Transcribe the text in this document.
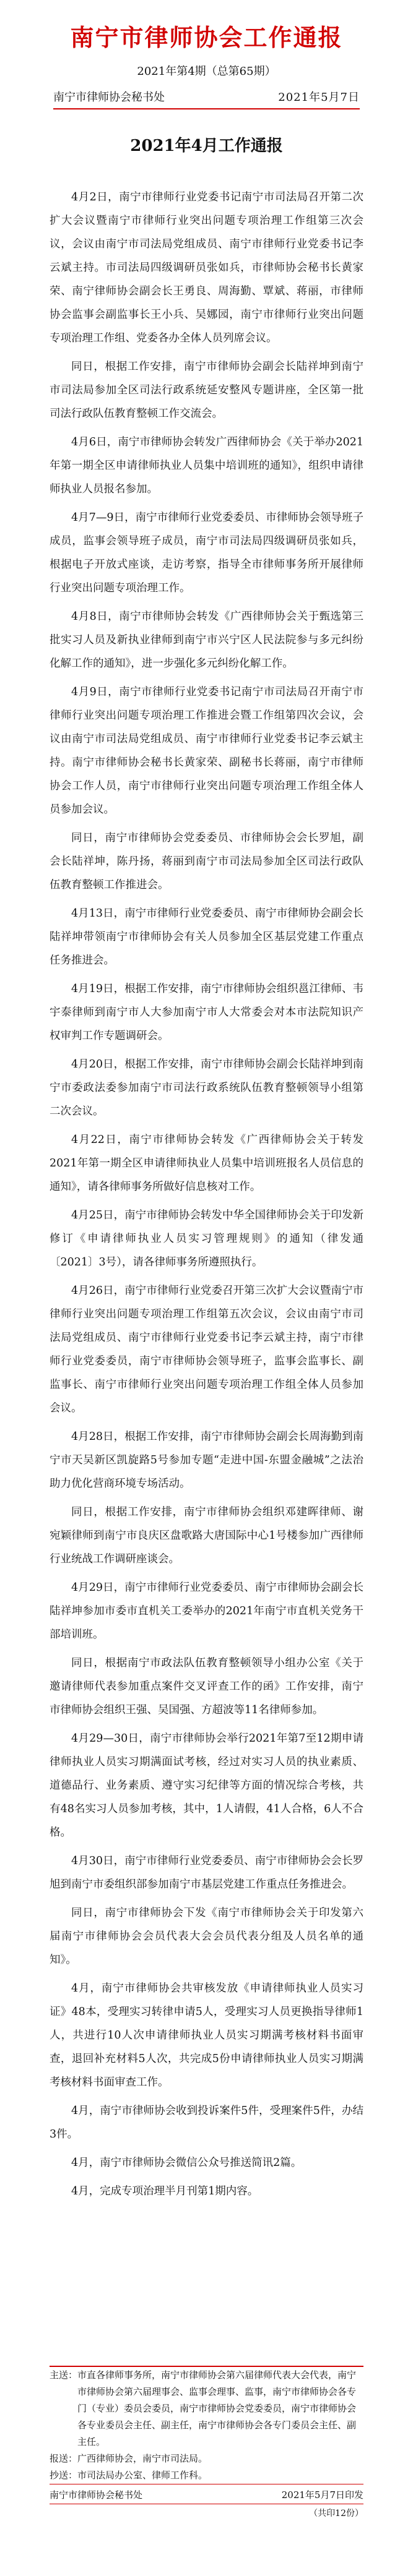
南宁市律师协会工作通报
2021年第4期（总第65期）
南宁市律师协会秘书处	2021年5月7日
2021年4月工作通报

4月2日，南宁市律师行业党委书记南宁市司法局召开第二次扩大会议暨南宁市律师行业突出问题专项治理工作组第三次会议，会议由南宁市司法局党组成员、南宁市律师行业党委书记李云斌主持。市司法局四级调研员张如兵，市律师协会秘书长黄家荣、南宁律师协会副会长王勇良、周海勤、覃斌、蒋丽，市律师协会监事会副监事长王小兵、吴娜园，南宁市律师行业突出问题专项治理工作组、党委各办全体人员列席会议。

同日，根据工作安排，南宁市律师协会副会长陆祥坤到南宁市司法局参加全区司法行政系统延安整风专题讲座，全区第一批司法行政队伍教育整顿工作交流会。

4月6日，南宁市律师协会转发广西律师协会《关于举办2021年第一期全区申请律师执业人员集中培训班的通知》，组织申请律师执业人员报名参加。

4月7—9日，南宁市律师行业党委委员、市律师协会领导班子成员，监事会领导班子成员，南宁市司法局四级调研员张如兵，根据电子开放式座谈，走访考察，指导全市律师事务所开展律师行业突出问题专项治理工作。

4月8日，南宁市律师协会转发《广西律师协会关于甄选第三批实习人员及新执业律师到南宁市兴宁区人民法院参与多元纠纷化解工作的通知》，进一步强化多元纠纷化解工作。

4月9日，南宁市律师行业党委书记南宁市司法局召开南宁市律师行业突出问题专项治理工作推进会暨工作组第四次会议，会议由南宁市司法局党组成员、南宁市律师行业党委书记李云斌主持。南宁市律师协会秘书长黄家荣、副秘书长蒋丽，南宁市律师协会工作人员，南宁市律师行业突出问题专项治理工作组全体人员参加会议。

同日，南宁市律师协会党委委员、市律师协会会长罗旭，副会长陆祥坤，陈丹扬，蒋丽到南宁市司法局参加全区司法行政队伍教育整顿工作推进会。

4月13日，南宁市律师行业党委委员、南宁市律师协会副会长陆祥坤带领南宁市律师协会有关人员参加全区基层党建工作重点任务推进会。

4月19日，根据工作安排，南宁市律师协会组织邕江律师、韦宇泰律师到南宁市人大参加南宁市人大常委会对本市法院知识产权审判工作专题调研会。

4月20日，根据工作安排，南宁市律师协会副会长陆祥坤到南宁市委政法委参加南宁市司法行政系统队伍教育整顿领导小组第二次会议。

4月22日，南宁市律师协会转发《广西律师协会关于转发2021年第一期全区申请律师执业人员集中培训班报名人员信息的通知》，请各律师事务所做好信息核对工作。

4月25日，南宁市律师协会转发中华全国律师协会关于印发新修订《申请律师执业人员实习管理规则》的通知（律发通〔2021〕3号），请各律师事务所遵照执行。

4月26日，南宁市律师行业党委召开第三次扩大会议暨南宁市律师行业突出问题专项治理工作组第五次会议，会议由南宁市司法局党组成员、南宁市律师行业党委书记李云斌主持，南宁市律师行业党委委员，南宁市律师协会领导班子，监事会监事长、副监事长、南宁市律师行业突出问题专项治理工作组全体人员参加会议。

4月28日，根据工作安排，南宁市律师协会副会长周海勤到南宁市天吴新区凯旋路5号参加专题“走进中国-东盟金融城”之法治助力优化营商环境专场活动。

同日，根据工作安排，南宁市律师协会组织邓建晖律师、谢宛颖律师到南宁市良庆区盘歌路大唐国际中心1号楼参加广西律师行业统战工作调研座谈会。

4月29日，南宁市律师行业党委委员、南宁市律师协会副会长陆祥坤参加市委市直机关工委举办的2021年南宁市直机关党务干部培训班。

同日，根据南宁市政法队伍教育整顿领导小组办公室《关于邀请律师代表参加重点案件交叉评查工作的函》工作安排，南宁市律师协会组织王强、吴国强、方超波等11名律师参加。

4月29—30日，南宁市律师协会举行2021年第7至12期申请律师执业人员实习期满面试考核，经过对实习人员的执业素质、道德品行、业务素质、遵守实习纪律等方面的情况综合考核，共有48名实习人员参加考核，其中，1人请假，41人合格，6人不合格。

4月30日，南宁市律师行业党委委员、南宁市律师协会会长罗旭到南宁市委组织部参加南宁市基层党建工作重点任务推进会。

同日，南宁市律师协会下发《南宁市律师协会关于印发第六届南宁市律师协会会员代表大会会员代表分组及人员名单的通知》。

4月，南宁市律师协会共审核发放《申请律师执业人员实习证》48本，受理实习转律申请5人，受理实习人员更换指导律师1人，共进行10人次申请律师执业人员实习期满考核材料书面审查，退回补充材料5人次，共完成5份申请律师执业人员实习期满考核材料书面审查工作。

4月，南宁市律师协会收到投诉案件5件，受理案件5件，办结3件。

4月，南宁市律师协会微信公众号推送简讯2篇。

4月，完成专项治理半月刊第1期内容。

主送： 市直各律师事务所，南宁市律师协会第六届律师代表大会代表，南宁市律师协会第六届理事会、监事会理事、监事，南宁市律师协会各专门（专业）委员会委员，南宁市律师协会党委委员，南宁市律师协会各专业委员会主任、副主任，南宁市律师协会各专门委员会主任、副主任。
报送： 广西律师协会，南宁市司法局。
抄送： 市司法局办公室、律师工作科。
南宁市律师协会秘书处	2021年5月7日印发
（共印12份）
